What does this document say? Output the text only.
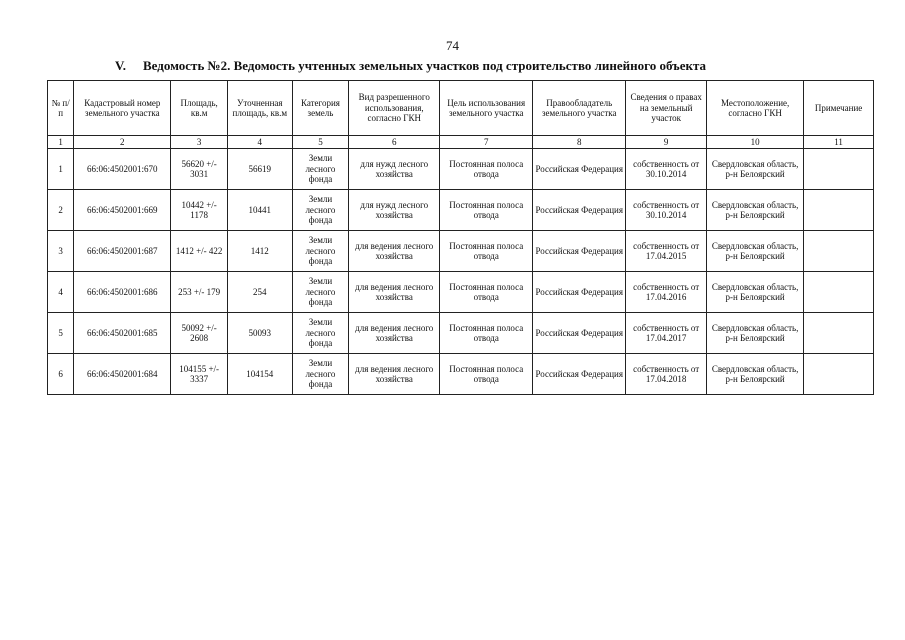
74
V. Ведомость №2. Ведомость учтенных земельных участков под строительство линейного объекта
№ п/п	Кадастровый номер земельного участка	Площадь, кв.м	Уточненная площадь, кв.м	Категория земель	Вид разрешенного использования, согласно ГКН	Цель использования земельного участка	Правообладатель земельного участка	Сведения о правах на земельный участок	Местоположение, согласно ГКН	Примечание
1	2	3	4	5	6	7	8	9	10	11
1	66:06:4502001:670	56620 +/- 3031	56619	Земли лесного фонда	для нужд лесного хозяйства	Постоянная полоса отвода	Российская Федерация	собственность от 30.10.2014	Свердловская область, р-н Белоярский	
2	66:06:4502001:669	10442 +/- 1178	10441	Земли лесного фонда	для нужд лесного хозяйства	Постоянная полоса отвода	Российская Федерация	собственность от 30.10.2014	Свердловская область, р-н Белоярский	
3	66:06:4502001:687	1412 +/- 422	1412	Земли лесного фонда	для ведения лесного хозяйства	Постоянная полоса отвода	Российская Федерация	собственность от 17.04.2015	Свердловская область, р-н Белоярский	
4	66:06:4502001:686	253 +/- 179	254	Земли лесного фонда	для ведения лесного хозяйства	Постоянная полоса отвода	Российская Федерация	собственность от 17.04.2016	Свердловская область, р-н Белоярский	
5	66:06:4502001:685	50092 +/- 2608	50093	Земли лесного фонда	для ведения лесного хозяйства	Постоянная полоса отвода	Российская Федерация	собственность от 17.04.2017	Свердловская область, р-н Белоярский	
6	66:06:4502001:684	104155 +/- 3337	104154	Земли лесного фонда	для ведения лесного хозяйства	Постоянная полоса отвода	Российская Федерация	собственность от 17.04.2018	Свердловская область, р-н Белоярский	
